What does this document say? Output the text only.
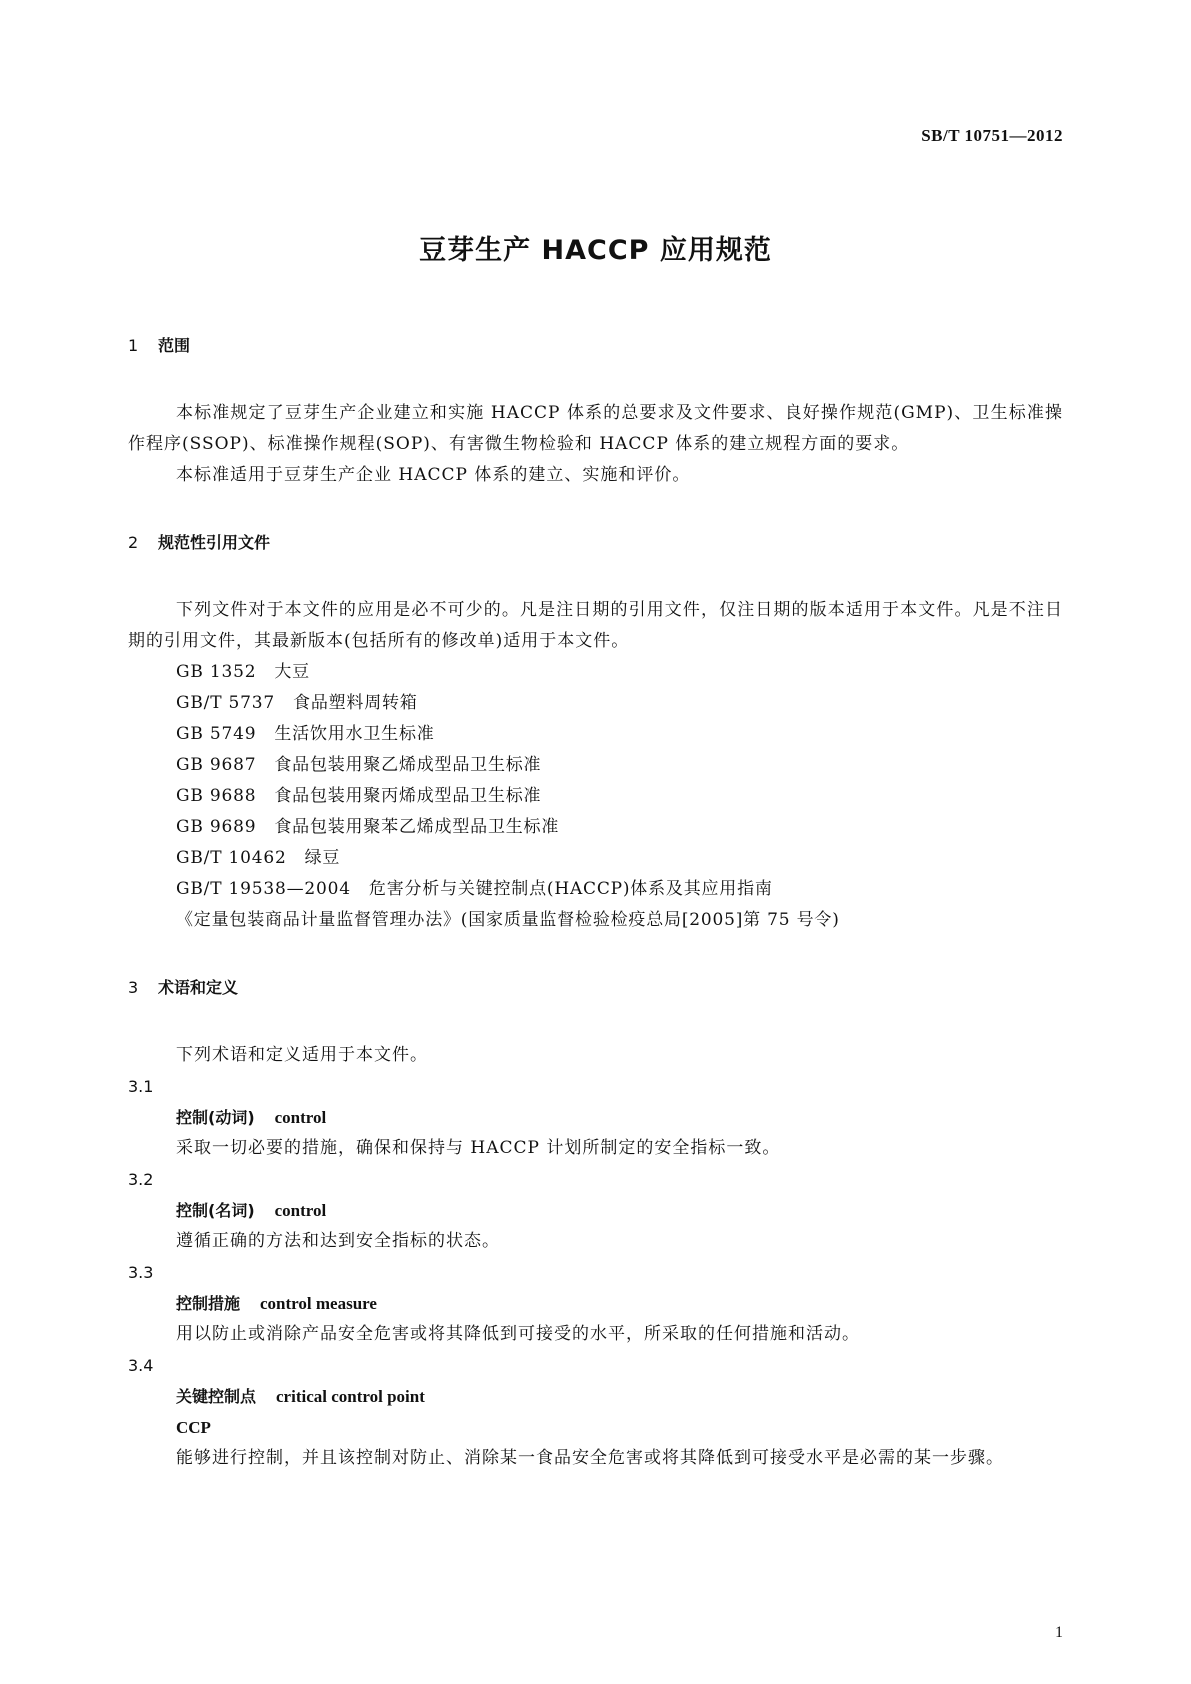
SB/T 10751—2012
豆芽生产 HACCP 应用规范
1 范围

本标准规定了豆芽生产企业建立和实施 HACCP 体系的总要求及文件要求、良好操作规范(GMP)、卫生标准操作程序(SSOP)、标准操作规程(SOP)、有害微生物检验和 HACCP 体系的建立规程方面的要求。

本标准适用于豆芽生产企业 HACCP 体系的建立、实施和评价。

2 规范性引用文件

下列文件对于本文件的应用是必不可少的。凡是注日期的引用文件，仅注日期的版本适用于本文件。凡是不注日期的引用文件，其最新版本(包括所有的修改单)适用于本文件。

GB 1352 大豆
GB/T 5737 食品塑料周转箱
GB 5749 生活饮用水卫生标准
GB 9687 食品包装用聚乙烯成型品卫生标准
GB 9688 食品包装用聚丙烯成型品卫生标准
GB 9689 食品包装用聚苯乙烯成型品卫生标准
GB/T 10462 绿豆
GB/T 19538—2004 危害分析与关键控制点(HACCP)体系及其应用指南
《定量包装商品计量监督管理办法》(国家质量监督检验检疫总局[2005]第 75 号令)
3 术语和定义

下列术语和定义适用于本文件。

3.1
控制(动词) control

采取一切必要的措施，确保和保持与 HACCP 计划所制定的安全指标一致。

3.2
控制(名词) control

遵循正确的方法和达到安全指标的状态。

3.3
控制措施 control measure

用以防止或消除产品安全危害或将其降低到可接受的水平，所采取的任何措施和活动。

3.4
关键控制点 critical control point
CCP

能够进行控制，并且该控制对防止、消除某一食品安全危害或将其降低到可接受水平是必需的某一步骤。

1
